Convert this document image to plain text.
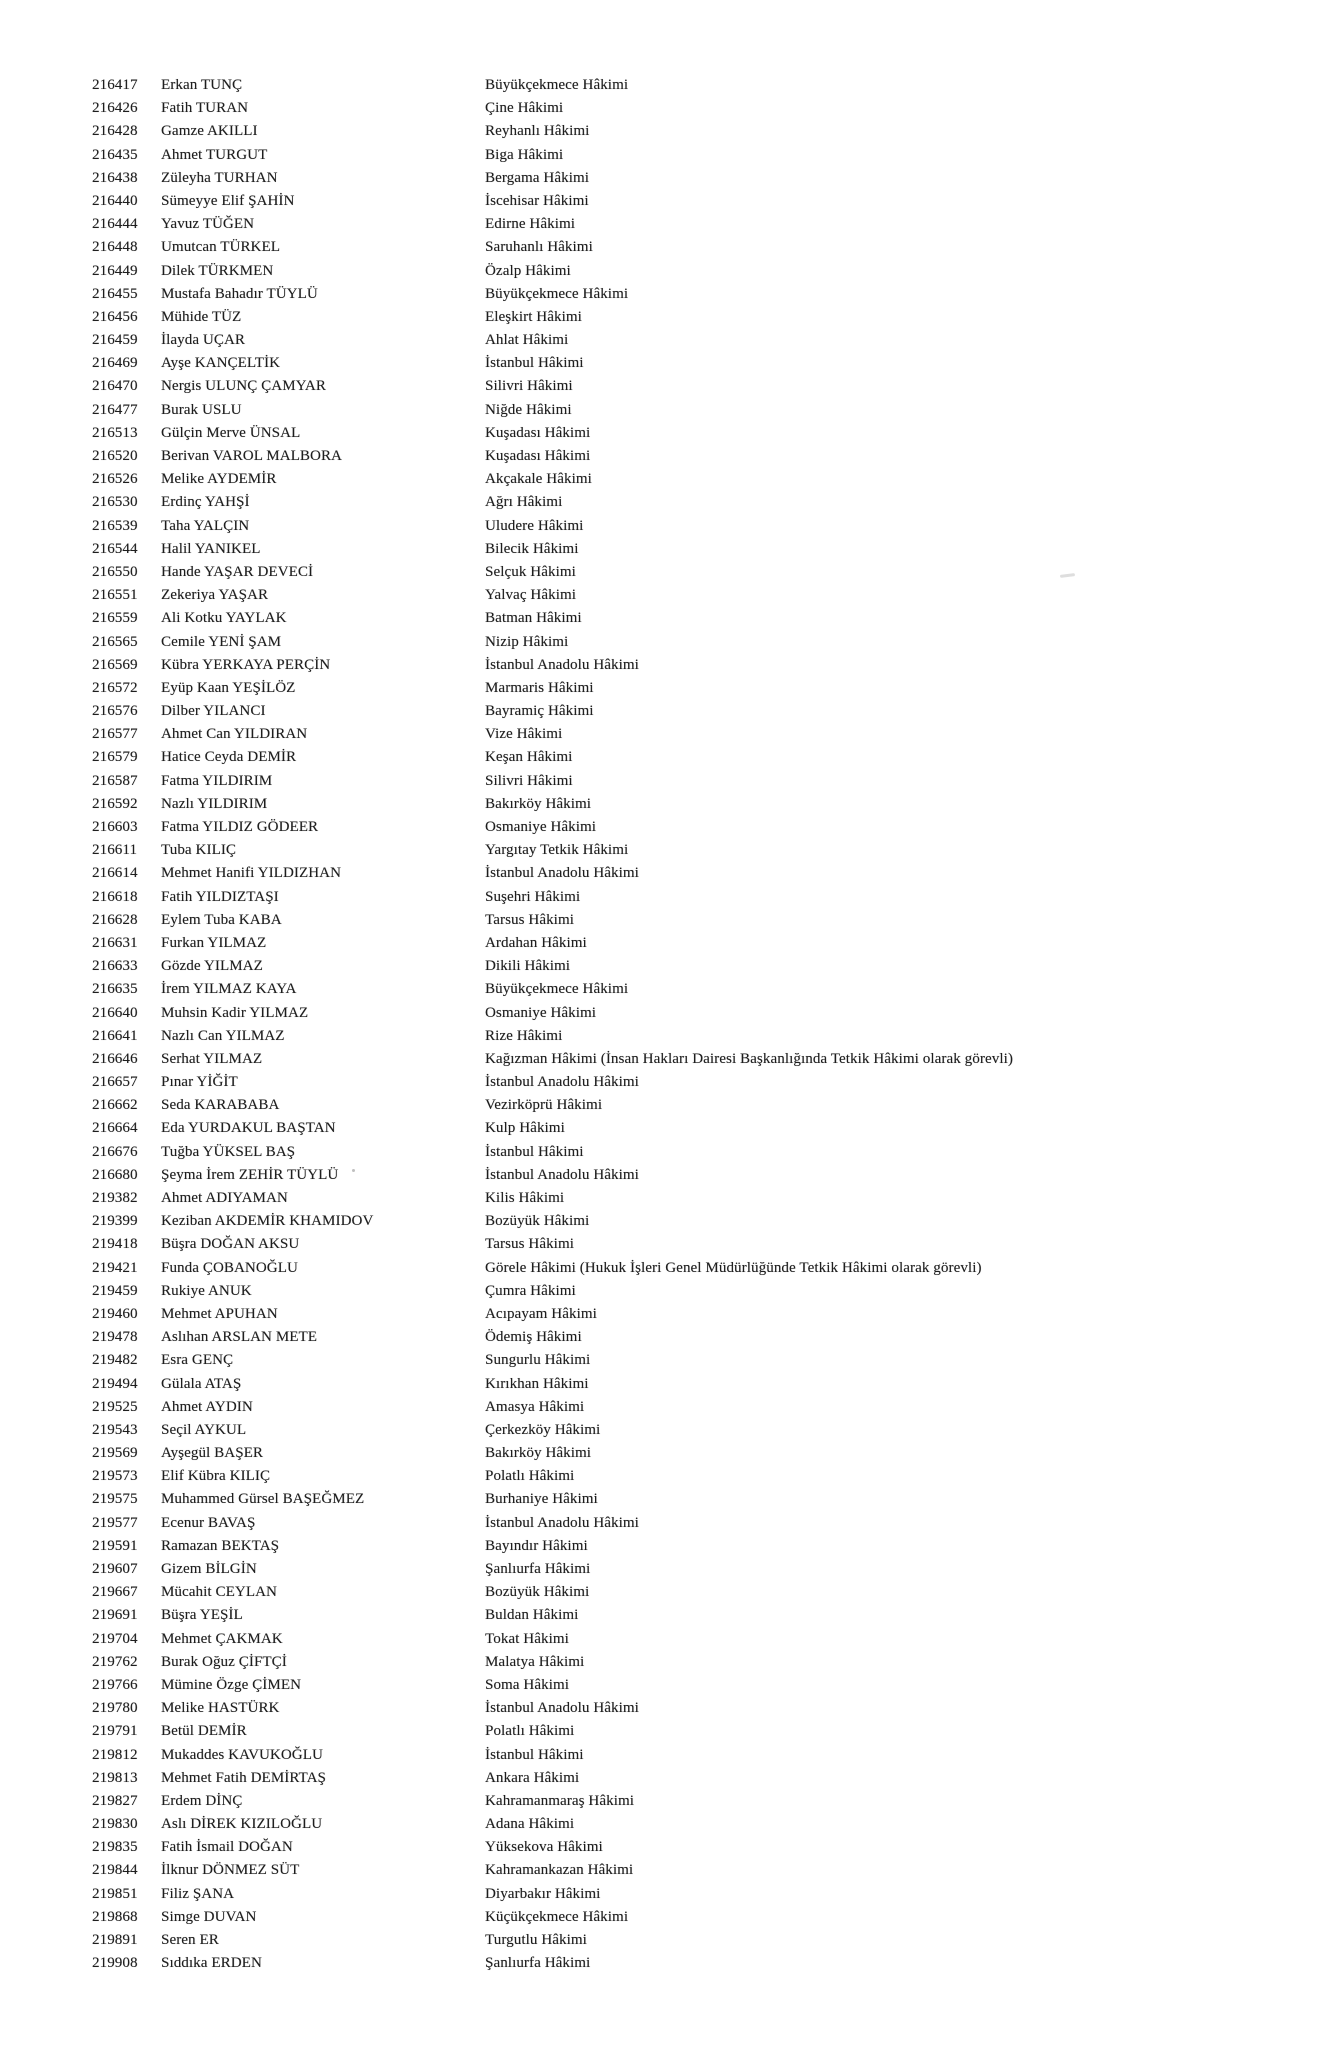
216417 Erkan TUNÇ	Büyükçekmece Hâkimi
216426 Fatih TURAN	Çine Hâkimi
216428 Gamze AKILLI	Reyhanlı Hâkimi
216435 Ahmet TURGUT	Biga Hâkimi
216438 Züleyha TURHAN	Bergama Hâkimi
216440 Sümeyye Elif ŞAHİN	İscehisar Hâkimi
216444 Yavuz TÜĞEN	Edirne Hâkimi
216448 Umutcan TÜRKEL	Saruhanlı Hâkimi
216449 Dilek TÜRKMEN	Özalp Hâkimi
216455 Mustafa Bahadır TÜYLÜ	Büyükçekmece Hâkimi
216456 Mühide TÜZ	Eleşkirt Hâkimi
216459 İlayda UÇAR	Ahlat Hâkimi
216469 Ayşe KANÇELTİK	İstanbul Hâkimi
216470 Nergis ULUNÇ ÇAMYAR	Silivri Hâkimi
216477 Burak USLU	Niğde Hâkimi
216513 Gülçin Merve ÜNSAL	Kuşadası Hâkimi
216520 Berivan VAROL MALBORA	Kuşadası Hâkimi
216526 Melike AYDEMİR	Akçakale Hâkimi
216530 Erdinç YAHŞİ	Ağrı Hâkimi
216539 Taha YALÇIN	Uludere Hâkimi
216544 Halil YANIKEL	Bilecik Hâkimi
216550 Hande YAŞAR DEVECİ	Selçuk Hâkimi
216551 Zekeriya YAŞAR	Yalvaç Hâkimi
216559 Ali Kotku YAYLAK	Batman Hâkimi
216565 Cemile YENİ ŞAM	Nizip Hâkimi
216569 Kübra YERKAYA PERÇİN	İstanbul Anadolu Hâkimi
216572 Eyüp Kaan YEŞİLÖZ	Marmaris Hâkimi
216576 Dilber YILANCI	Bayramiç Hâkimi
216577 Ahmet Can YILDIRAN	Vize Hâkimi
216579 Hatice Ceyda DEMİR	Keşan Hâkimi
216587 Fatma YILDIRIM	Silivri Hâkimi
216592 Nazlı YILDIRIM	Bakırköy Hâkimi
216603 Fatma YILDIZ GÖDEER	Osmaniye Hâkimi
216611 Tuba KILIÇ	Yargıtay Tetkik Hâkimi
216614 Mehmet Hanifi YILDIZHAN	İstanbul Anadolu Hâkimi
216618 Fatih YILDIZTAŞI	Suşehri Hâkimi
216628 Eylem Tuba KABA	Tarsus Hâkimi
216631 Furkan YILMAZ	Ardahan Hâkimi
216633 Gözde YILMAZ	Dikili Hâkimi
216635 İrem YILMAZ KAYA	Büyükçekmece Hâkimi
216640 Muhsin Kadir YILMAZ	Osmaniye Hâkimi
216641 Nazlı Can YILMAZ	Rize Hâkimi
216646 Serhat YILMAZ	Kağızman Hâkimi (İnsan Hakları Dairesi Başkanlığında Tetkik Hâkimi olarak görevli)
216657 Pınar YİĞİT	İstanbul Anadolu Hâkimi
216662 Seda KARABABA	Vezirköprü Hâkimi
216664 Eda YURDAKUL BAŞTAN	Kulp Hâkimi
216676 Tuğba YÜKSEL BAŞ	İstanbul Hâkimi
216680 Şeyma İrem ZEHİR TÜYLÜ	İstanbul Anadolu Hâkimi
219382 Ahmet ADIYAMAN	Kilis Hâkimi
219399 Keziban AKDEMİR KHAMIDOV	Bozüyük Hâkimi
219418 Büşra DOĞAN AKSU	Tarsus Hâkimi
219421 Funda ÇOBANOĞLU	Görele Hâkimi (Hukuk İşleri Genel Müdürlüğünde Tetkik Hâkimi olarak görevli)
219459 Rukiye ANUK	Çumra Hâkimi
219460 Mehmet APUHAN	Acıpayam Hâkimi
219478 Aslıhan ARSLAN METE	Ödemiş Hâkimi
219482 Esra GENÇ	Sungurlu Hâkimi
219494 Gülala ATAŞ	Kırıkhan Hâkimi
219525 Ahmet AYDIN	Amasya Hâkimi
219543 Seçil AYKUL	Çerkezköy Hâkimi
219569 Ayşegül BAŞER	Bakırköy Hâkimi
219573 Elif Kübra KILIÇ	Polatlı Hâkimi
219575 Muhammed Gürsel BAŞEĞMEZ	Burhaniye Hâkimi
219577 Ecenur BAVAŞ	İstanbul Anadolu Hâkimi
219591 Ramazan BEKTAŞ	Bayındır Hâkimi
219607 Gizem BİLGİN	Şanlıurfa Hâkimi
219667 Mücahit CEYLAN	Bozüyük Hâkimi
219691 Büşra YEŞİL	Buldan Hâkimi
219704 Mehmet ÇAKMAK	Tokat Hâkimi
219762 Burak Oğuz ÇİFTÇİ	Malatya Hâkimi
219766 Mümine Özge ÇİMEN	Soma Hâkimi
219780 Melike HASTÜRK	İstanbul Anadolu Hâkimi
219791 Betül DEMİR	Polatlı Hâkimi
219812 Mukaddes KAVUKOĞLU	İstanbul Hâkimi
219813 Mehmet Fatih DEMİRTAŞ	Ankara Hâkimi
219827 Erdem DİNÇ	Kahramanmaraş Hâkimi
219830 Aslı DİREK KIZILOĞLU	Adana Hâkimi
219835 Fatih İsmail DOĞAN	Yüksekova Hâkimi
219844 İlknur DÖNMEZ SÜT	Kahramankazan Hâkimi
219851 Filiz ŞANA	Diyarbakır Hâkimi
219868 Simge DUVAN	Küçükçekmece Hâkimi
219891 Seren ER	Turgutlu Hâkimi
219908 Sıddıka ERDEN	Şanlıurfa Hâkimi
